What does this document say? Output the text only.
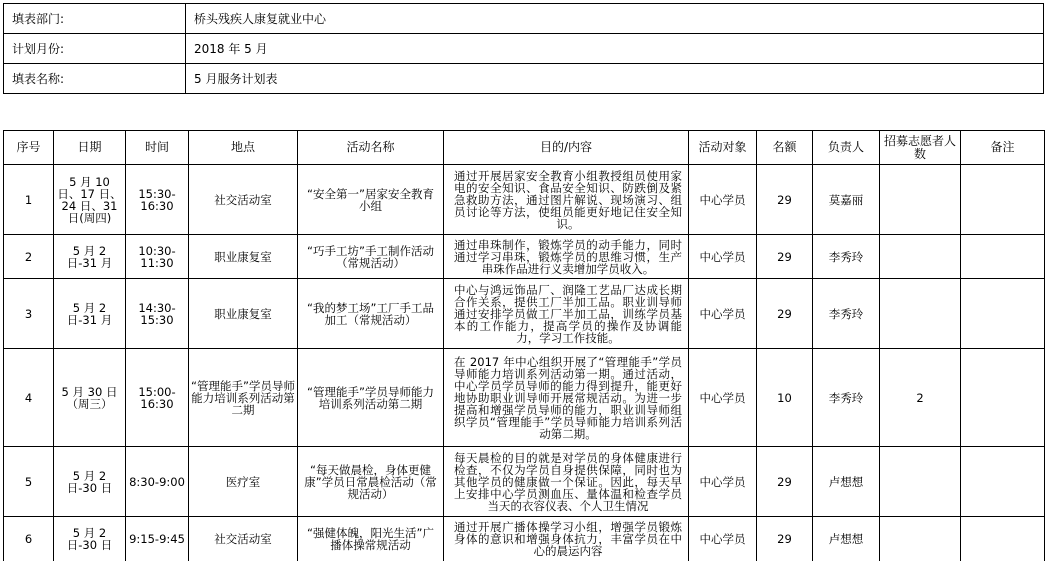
填表部门:	桥头残疾人康复就业中心
计划月份:	2018 年 5 月
填表名称:	5 月服务计划表
序号	日期	时间	地点	活动名称	目的/内容	活动对象	名额	负责人	招募志愿者人数	备注
1	5 月 10 日、17 日、24 日、31 日(周四)	15:30-16:30	社交活动室	“安全第一”居家安全教育小组	通过开展居家安全教育小组教授组员使用家电的安全知识、食品安全知识、防跌倒及紧急救助方法，通过图片解说、现场演习、组员讨论等方法，使组员能更好地记住安全知识。	中心学员	29	莫嘉丽		
2	5 月 2 日-31 月	10:30-11:30	职业康复室	“巧手工坊”手工制作活动（常规活动）	通过串珠制作，锻炼学员的动手能力，同时通过学习串珠，锻炼学员的思维习惯，生产串珠作品进行义卖增加学员收入。	中心学员	29	李秀玲		
3	5 月 2 日-31 月	14:30-15:30	职业康复室	“我的梦工场”工厂手工品加工（常规活动）	中心与鸿远饰品厂、润隆工艺品厂达成长期合作关系，提供工厂半加工品。职业训导师通过安排学员做工厂半加工品，训练学员基本的工作能力，提高学员的操作及协调能力，学习工作技能。	中心学员	29	李秀玲		
4	5 月 30 日（周三）	15:00-16:30	“管理能手”学员导师能力培训系列活动第二期	“管理能手”学员导师能力培训系列活动第二期	在 2017 年中心组织开展了“管理能手”学员导师能力培训系列活动第一期。通过活动，中心学员学员导师的能力得到提升，能更好地协助职业训导师开展常规活动。为进一步提高和增强学员导师的能力，职业训导师组织学员“管理能手”学员导师能力培训系列活动第二期。	中心学员	10	李秀玲	2	
5	5 月 2 日-30 日	8:30-9:00	医疗室	“每天做晨检，身体更健康”学员日常晨检活动（常规活动）	每天晨检的目的就是对学员的身体健康进行检查，不仅为学员自身提供保障，同时也为其他学员的健康做一个保证。因此，每天早上安排中心学员测血压、量体温和检查学员当天的衣容仪表、个人卫生情况	中心学员	29	卢想想		
6	5 月 2 日-30 日	9:15-9:45	社交活动室	“强健体魄，阳光生活”广播体操常规活动	通过开展广播体操学习小组，增强学员锻炼身体的意识和增强身体抗力，丰富学员在中心的晨运内容	中心学员	29	卢想想		
